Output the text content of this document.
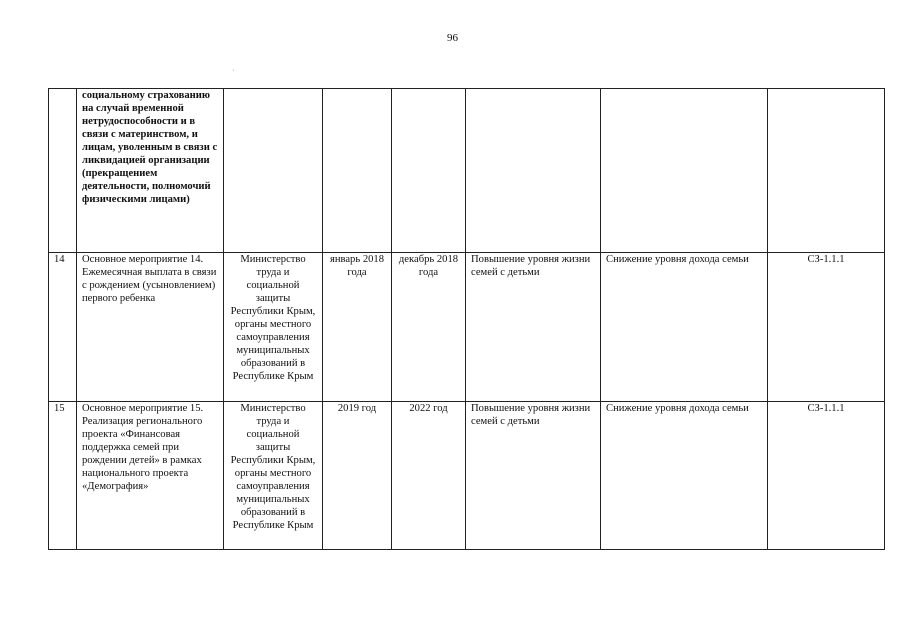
96
·
	социальному страхованию на случай временной нетрудоспособности и в связи с материнством, и лицам, уволенным в связи с ликвидацией организации (прекращением деятельности, полномочий физическими лицами)						
14	Основное мероприятие 14. Ежемесячная выплата в связи с рождением (усыновлением) первого ребенка	Министерство труда и социальной защиты Республики Крым, органы местного самоуправления муниципальных образований в Республике Крым	январь 2018 года	декабрь 2018 года	Повышение уровня жизни семей с детьми	Снижение уровня дохода семьи	СЗ-1.1.1
15	Основное мероприятие 15. Реализация регионального проекта «Финансовая поддержка семей при рождении детей» в рамках национального проекта «Демография»	Министерство труда и социальной защиты Республики Крым, органы местного самоуправления муниципальных образований в Республике Крым	2019 год	2022 год	Повышение уровня жизни семей с детьми	Снижение уровня дохода семьи	СЗ-1.1.1
